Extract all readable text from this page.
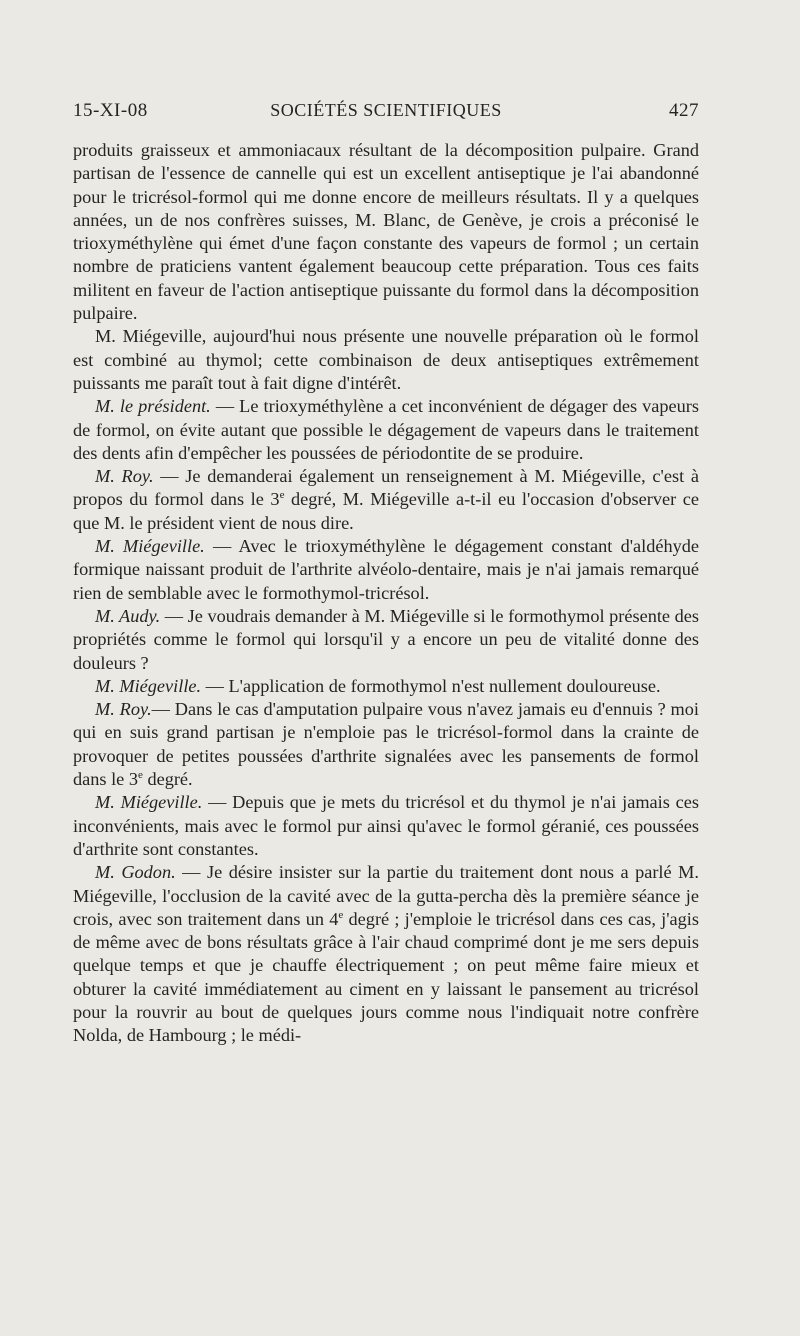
15-XI-08	SOCIÉTÉS SCIENTIFIQUES	427

produits graisseux et ammoniacaux résultant de la décomposition pulpaire. Grand partisan de l'essence de cannelle qui est un excellent antiseptique je l'ai abandonné pour le tricrésol-formol qui me donne encore de meilleurs résultats. Il y a quelques années, un de nos confrères suisses, M. Blanc, de Genève, je crois a préconisé le trioxyméthylène qui émet d'une façon constante des vapeurs de formol ; un certain nombre de praticiens vantent également beaucoup cette préparation. Tous ces faits militent en faveur de l'action antiseptique puissante du formol dans la décomposition pulpaire.

M. Miégeville, aujourd'hui nous présente une nouvelle préparation où le formol est combiné au thymol; cette combinaison de deux antiseptiques extrêmement puissants me paraît tout à fait digne d'intérêt.

M. le président. — Le trioxyméthylène a cet inconvénient de dégager des vapeurs de formol, on évite autant que possible le dégagement de vapeurs dans le traitement des dents afin d'empêcher les poussées de périodontite de se produire.

M. Roy. — Je demanderai également un renseignement à M. Miégeville, c'est à propos du formol dans le 3e degré, M. Miégeville a-t-il eu l'occasion d'observer ce que M. le président vient de nous dire.

M. Miégeville. — Avec le trioxyméthylène le dégagement constant d'aldéhyde formique naissant produit de l'arthrite alvéolo-dentaire, mais je n'ai jamais remarqué rien de semblable avec le formothymol-tricrésol.

M. Audy. — Je voudrais demander à M. Miégeville si le formothymol présente des propriétés comme le formol qui lorsqu'il y a encore un peu de vitalité donne des douleurs ?

M. Miégeville. — L'application de formothymol n'est nullement douloureuse.

M. Roy.— Dans le cas d'amputation pulpaire vous n'avez jamais eu d'ennuis ? moi qui en suis grand partisan je n'emploie pas le tricrésol-formol dans la crainte de provoquer de petites poussées d'arthrite signalées avec les pansements de formol dans le 3e degré.

M. Miégeville. — Depuis que je mets du tricrésol et du thymol je n'ai jamais ces inconvénients, mais avec le formol pur ainsi qu'avec le formol géranié, ces poussées d'arthrite sont constantes.

M. Godon. — Je désire insister sur la partie du traitement dont nous a parlé M. Miégeville, l'occlusion de la cavité avec de la gutta-percha dès la première séance je crois, avec son traitement dans un 4e degré ; j'emploie le tricrésol dans ces cas, j'agis de même avec de bons résultats grâce à l'air chaud comprimé dont je me sers depuis quelque temps et que je chauffe électriquement ; on peut même faire mieux et obturer la cavité immédiatement au ciment en y laissant le pansement au tricrésol pour la rouvrir au bout de quelques jours comme nous l'indiquait notre confrère Nolda, de Hambourg ; le médi-
